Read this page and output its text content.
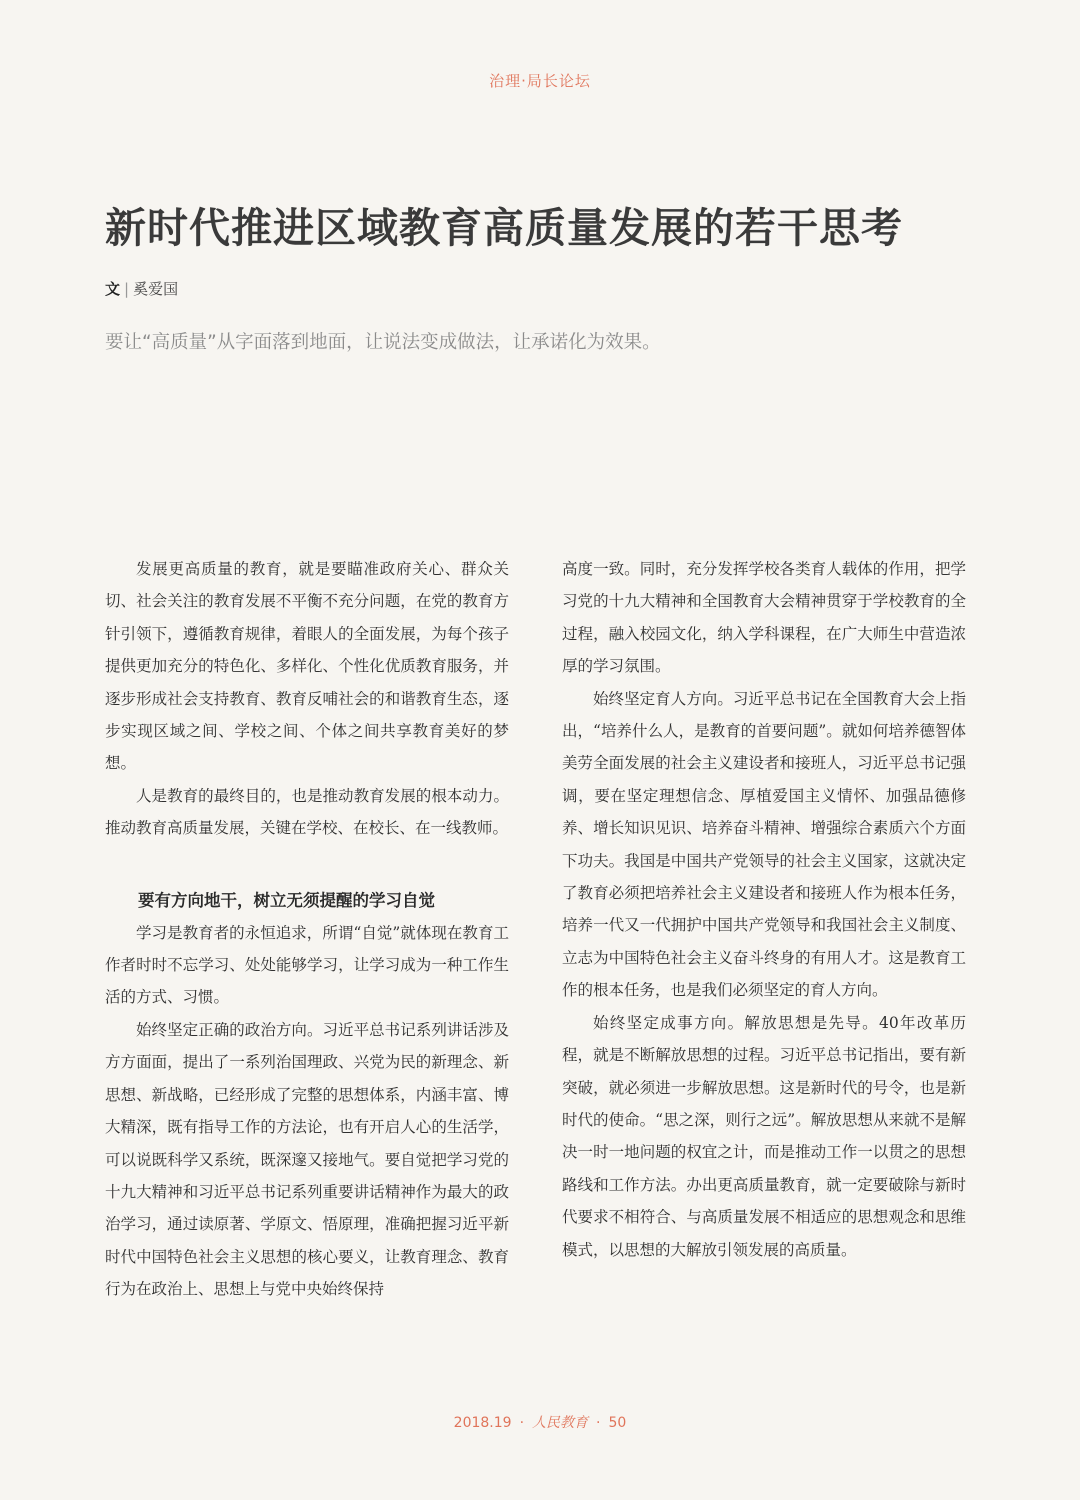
治理·局长论坛
新时代推进区域教育高质量发展的若干思考
文 | 奚爱国
要让“高质量”从字面落到地面，让说法变成做法，让承诺化为效果。

发展更高质量的教育，就是要瞄准政府关心、群众关切、社会关注的教育发展不平衡不充分问题，在党的教育方针引领下，遵循教育规律，着眼人的全面发展，为每个孩子提供更加充分的特色化、多样化、个性化优质教育服务，并逐步形成社会支持教育、教育反哺社会的和谐教育生态，逐步实现区域之间、学校之间、个体之间共享教育美好的梦想。

人是教育的最终目的，也是推动教育发展的根本动力。推动教育高质量发展，关键在学校、在校长、在一线教师。

要有方向地干，树立无须提醒的学习自觉

学习是教育者的永恒追求，所谓“自觉”就体现在教育工作者时时不忘学习、处处能够学习，让学习成为一种工作生活的方式、习惯。

始终坚定正确的政治方向。习近平总书记系列讲话涉及方方面面，提出了一系列治国理政、兴党为民的新理念、新思想、新战略，已经形成了完整的思想体系，内涵丰富、博大精深，既有指导工作的方法论，也有开启人心的生活学，可以说既科学又系统，既深邃又接地气。要自觉把学习党的十九大精神和习近平总书记系列重要讲话精神作为最大的政治学习，通过读原著、学原文、悟原理，准确把握习近平新时代中国特色社会主义思想的核心要义，让教育理念、教育行为在政治上、思想上与党中央始终保持

高度一致。同时，充分发挥学校各类育人载体的作用，把学习党的十九大精神和全国教育大会精神贯穿于学校教育的全过程，融入校园文化，纳入学科课程，在广大师生中营造浓厚的学习氛围。

始终坚定育人方向。习近平总书记在全国教育大会上指出，“培养什么人，是教育的首要问题”。就如何培养德智体美劳全面发展的社会主义建设者和接班人，习近平总书记强调，要在坚定理想信念、厚植爱国主义情怀、加强品德修养、增长知识见识、培养奋斗精神、增强综合素质六个方面下功夫。我国是中国共产党领导的社会主义国家，这就决定了教育必须把培养社会主义建设者和接班人作为根本任务，培养一代又一代拥护中国共产党领导和我国社会主义制度、立志为中国特色社会主义奋斗终身的有用人才。这是教育工作的根本任务，也是我们必须坚定的育人方向。

始终坚定成事方向。解放思想是先导。40年改革历程，就是不断解放思想的过程。习近平总书记指出，要有新突破，就必须进一步解放思想。这是新时代的号令，也是新时代的使命。“思之深，则行之远”。解放思想从来就不是解决一时一地问题的权宜之计，而是推动工作一以贯之的思想路线和工作方法。办出更高质量教育，就一定要破除与新时代要求不相符合、与高质量发展不相适应的思想观念和思维模式，以思想的大解放引领发展的高质量。

2018.19 · 人民教育 · 50
